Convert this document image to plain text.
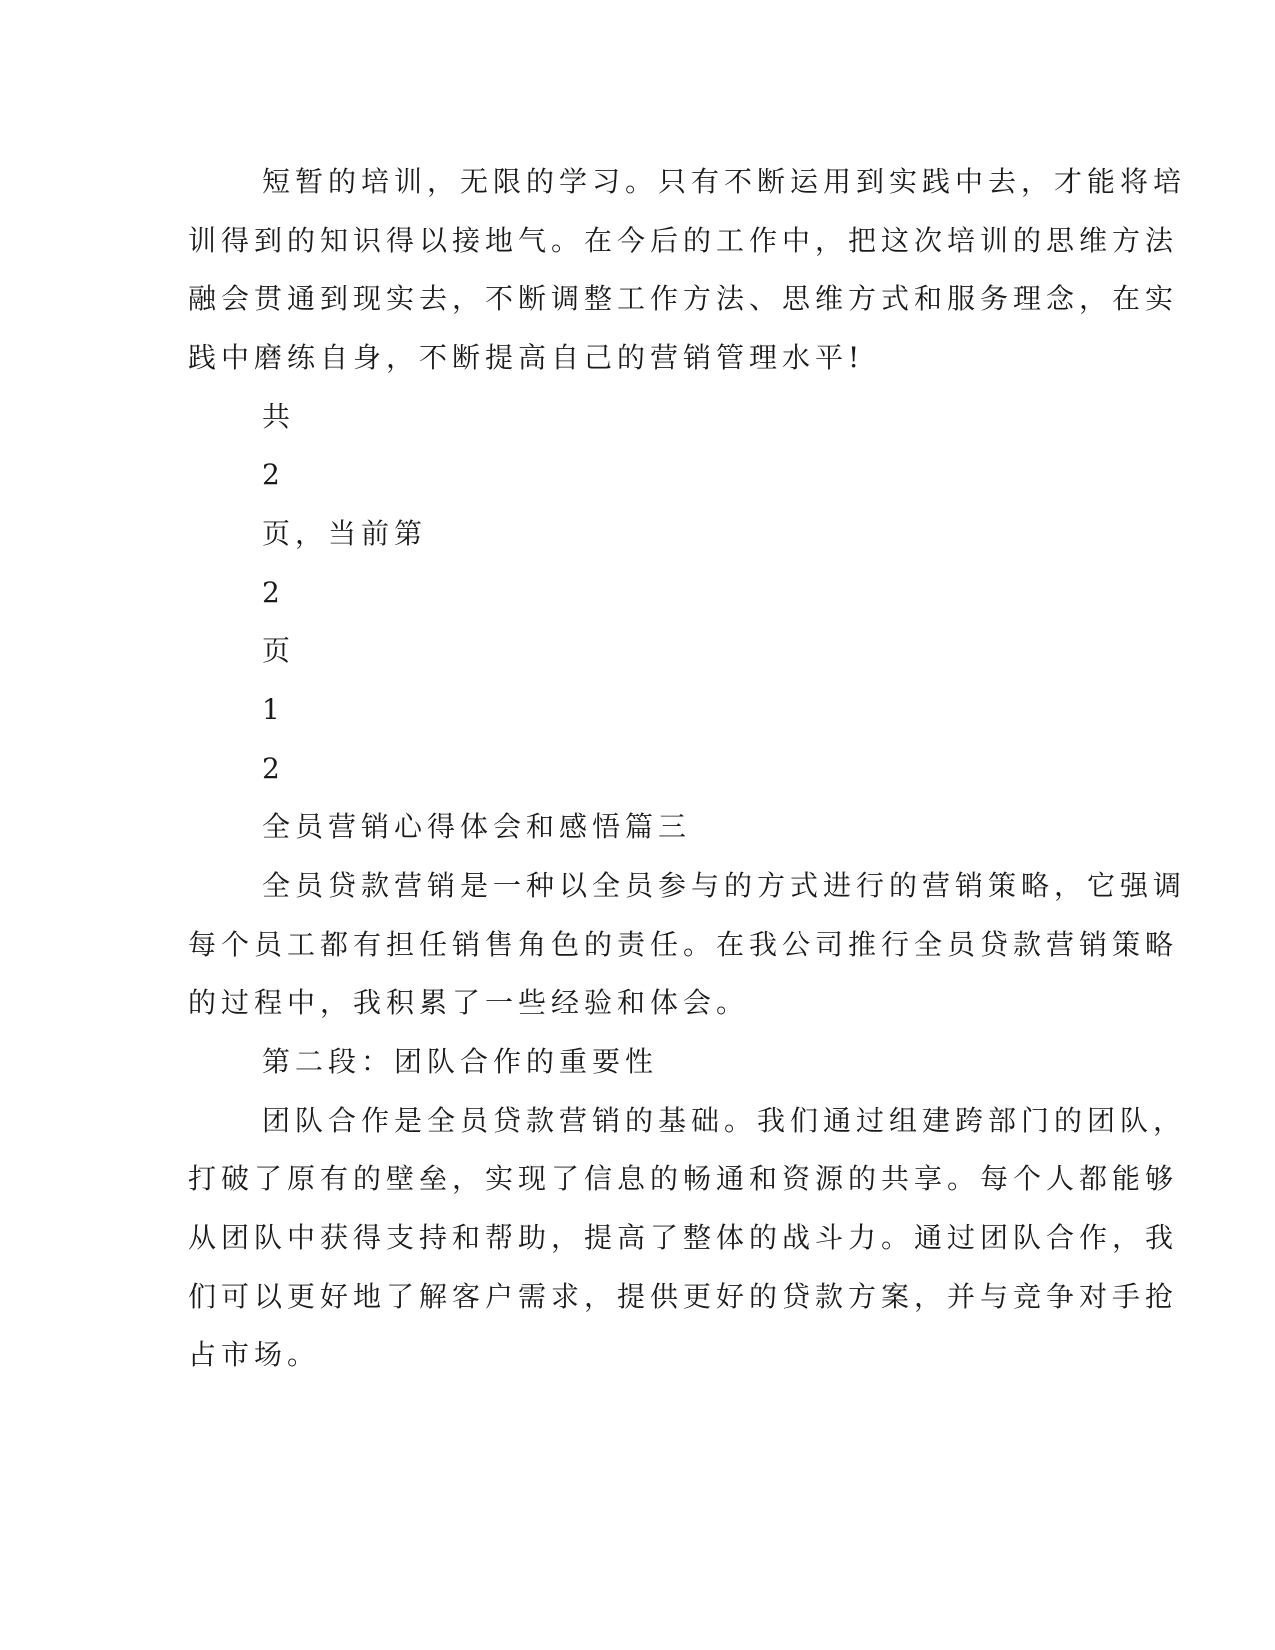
短暂的培训，无限的学习。只有不断运用到实践中去，才能将培
训得到的知识得以接地气。在今后的工作中，把这次培训的思维方法
融会贯通到现实去，不断调整工作方法、思维方式和服务理念，在实
践中磨练自身，不断提高自己的营销管理水平!
共
2
页，当前第
2
页
1
2
全员营销心得体会和感悟篇三
全员贷款营销是一种以全员参与的方式进行的营销策略，它强调
每个员工都有担任销售角色的责任。在我公司推行全员贷款营销策略
的过程中，我积累了一些经验和体会。
第二段：团队合作的重要性
团队合作是全员贷款营销的基础。我们通过组建跨部门的团队，
打破了原有的壁垒，实现了信息的畅通和资源的共享。每个人都能够
从团队中获得支持和帮助，提高了整体的战斗力。通过团队合作，我
们可以更好地了解客户需求，提供更好的贷款方案，并与竞争对手抢
占市场。
